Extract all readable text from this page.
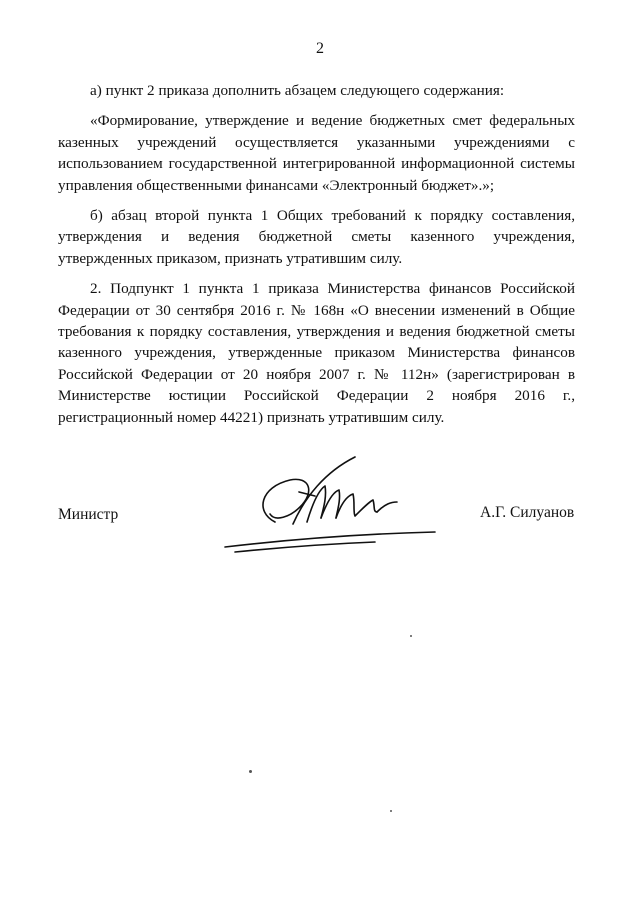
2

а) пункт 2 приказа дополнить абзацем следующего содержания:

«Формирование, утверждение и ведение бюджетных смет федеральных казенных учреждений осуществляется указанными учреждениями с использованием государственной интегрированной информационной системы управления общественными финансами «Электронный бюджет».»;

б) абзац второй пункта 1 Общих требований к порядку составления, утверждения и ведения бюджетной сметы казенного учреждения, утвержденных приказом, признать утратившим силу.

2. Подпункт 1 пункта 1 приказа Министерства финансов Российской Федерации от 30 сентября 2016 г. № 168н «О внесении изменений в Общие требования к порядку составления, утверждения и ведения бюджетной сметы казенного учреждения, утвержденные приказом Министерства финансов Российской Федерации от 20 ноября 2007 г. № 112н» (зарегистрирован в Министерстве юстиции Российской Федерации 2 ноября 2016 г., регистрационный номер 44221) признать утратившим силу.

Министр	А.Г. Силуанов
